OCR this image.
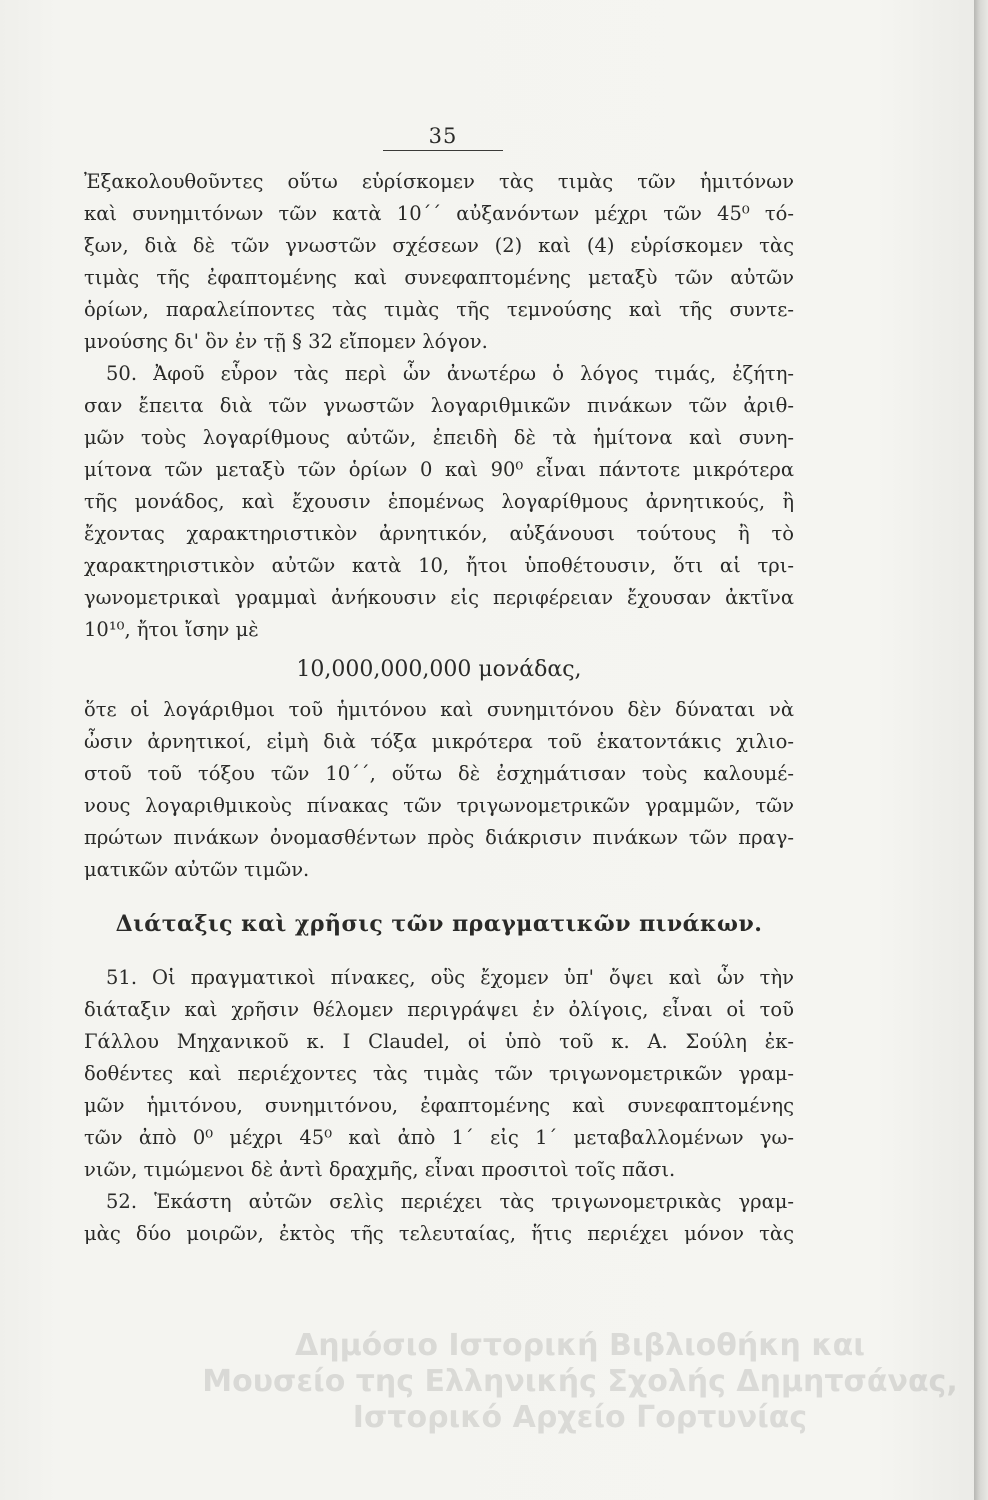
35
Ἐξακολουθοῦντες οὕτω εὑρίσκομεν τὰς τιμὰς τῶν ἡμιτόνων
καὶ συνημιτόνων τῶν κατὰ 10΄΄ αὐξανόντων μέχρι τῶν 45⁰ τό-
ξων, διὰ δὲ τῶν γνωστῶν σχέσεων (2) καὶ (4) εὑρίσκομεν τὰς
τιμὰς τῆς ἐφαπτομένης καὶ συνεφαπτομένης μεταξὺ τῶν αὐτῶν
ὁρίων, παραλείποντες τὰς τιμὰς τῆς τεμνούσης καὶ τῆς συντε-
μνούσης δι' ὃν ἐν τῇ § 32 εἴπομεν λόγον.
50. Ἀφοῦ εὗρον τὰς περὶ ὧν ἀνωτέρω ὁ λόγος τιμάς, ἐζήτη-
σαν ἔπειτα διὰ τῶν γνωστῶν λογαριθμικῶν πινάκων τῶν ἀριθ-
μῶν τοὺς λογαρίθμους αὐτῶν, ἐπειδὴ δὲ τὰ ἡμίτονα καὶ συνη-
μίτονα τῶν μεταξὺ τῶν ὁρίων 0 καὶ 90⁰ εἶναι πάντοτε μικρότερα
τῆς μονάδος, καὶ ἔχουσιν ἑπομένως λογαρίθμους ἀρνητικούς, ἢ
ἔχοντας χαρακτηριστικὸν ἀρνητικόν, αὐξάνουσι τούτους ἢ τὸ
χαρακτηριστικὸν αὐτῶν κατὰ 10, ἤτοι ὑποθέτουσιν, ὅτι αἱ τρι-
γωνομετρικαὶ γραμμαὶ ἀνήκουσιν εἰς περιφέρειαν ἔχουσαν ἀκτῖνα
10¹⁰, ἤτοι ἴσην μὲ
10,000,000,000 μονάδας,
ὅτε οἱ λογάριθμοι τοῦ ἡμιτόνου καὶ συνημιτόνου δὲν δύναται νὰ
ὦσιν ἀρνητικοί, εἰμὴ διὰ τόξα μικρότερα τοῦ ἑκατοντάκις χιλιο-
στοῦ τοῦ τόξου τῶν 10΄΄, οὕτω δὲ ἐσχημάτισαν τοὺς καλουμέ-
νους λογαριθμικοὺς πίνακας τῶν τριγωνομετρικῶν γραμμῶν, τῶν
πρώτων πινάκων ὀνομασθέντων πρὸς διάκρισιν πινάκων τῶν πραγ-
ματικῶν αὐτῶν τιμῶν.
Διάταξις καὶ χρῆσις τῶν πραγματικῶν πινάκων.
51. Οἱ πραγματικοὶ πίνακες, οὓς ἔχομεν ὑπ' ὄψει καὶ ὧν τὴν
διάταξιν καὶ χρῆσιν θέλομεν περιγράψει ἐν ὀλίγοις, εἶναι οἱ τοῦ
Γάλλου Μηχανικοῦ κ. I Claudel, οἱ ὑπὸ τοῦ κ. Α. Σούλη ἐκ-
δοθέντες καὶ περιέχοντες τὰς τιμὰς τῶν τριγωνομετρικῶν γραμ-
μῶν ἡμιτόνου, συνημιτόνου, ἐφαπτομένης καὶ συνεφαπτομένης
τῶν ἀπὸ 0⁰ μέχρι 45⁰ καὶ ἀπὸ 1΄ εἰς 1΄ μεταβαλλομένων γω-
νιῶν, τιμώμενοι δὲ ἀντὶ δραχμῆς, εἶναι προσιτοὶ τοῖς πᾶσι.
52. Ἑκάστη αὐτῶν σελὶς περιέχει τὰς τριγωνομετρικὰς γραμ-
μὰς δύο μοιρῶν, ἐκτὸς τῆς τελευταίας, ἥτις περιέχει μόνον τὰς
Δημόσιο Ιστορική Βιβλιοθήκη και
Μουσείο της Ελληνικής Σχολής Δημητσάνας,
Ιστορικό Αρχείο Γορτυνίας
